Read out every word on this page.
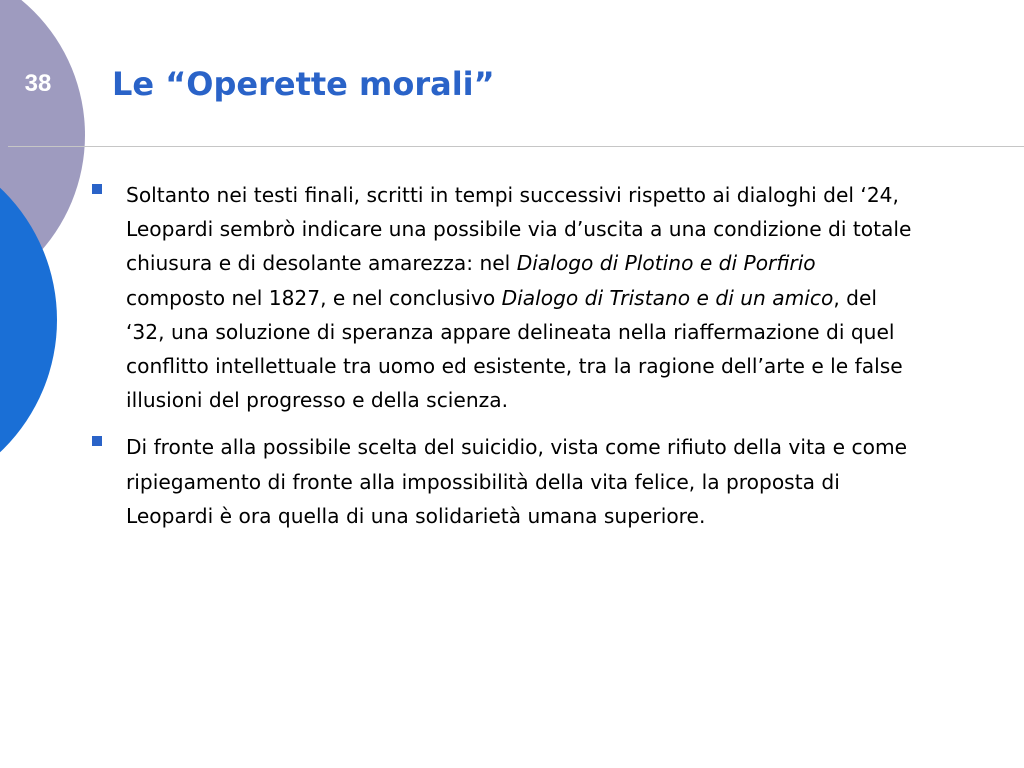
38 Le “Operette morali”
Soltanto nei testi finali, scritti in tempi successivi rispetto ai dialoghi del ‘24, Leopardi sembrò indicare una possibile via d’uscita a una condizione di totale chiusura e di desolante amarezza: nel Dialogo di Plotino e di Porfirio composto nel 1827, e nel conclusivo Dialogo di Tristano e di un amico, del ‘32, una soluzione di speranza appare delineata nella riaffermazione di quel conflitto intellettuale tra uomo ed esistente, tra la ragione dell’arte e le false illusioni del progresso e della scienza.
Di fronte alla possibile scelta del suicidio, vista come rifiuto della vita e come ripiegamento di fronte alla impossibilità della vita felice, la proposta di Leopardi è ora quella di una solidarietà umana superiore.
